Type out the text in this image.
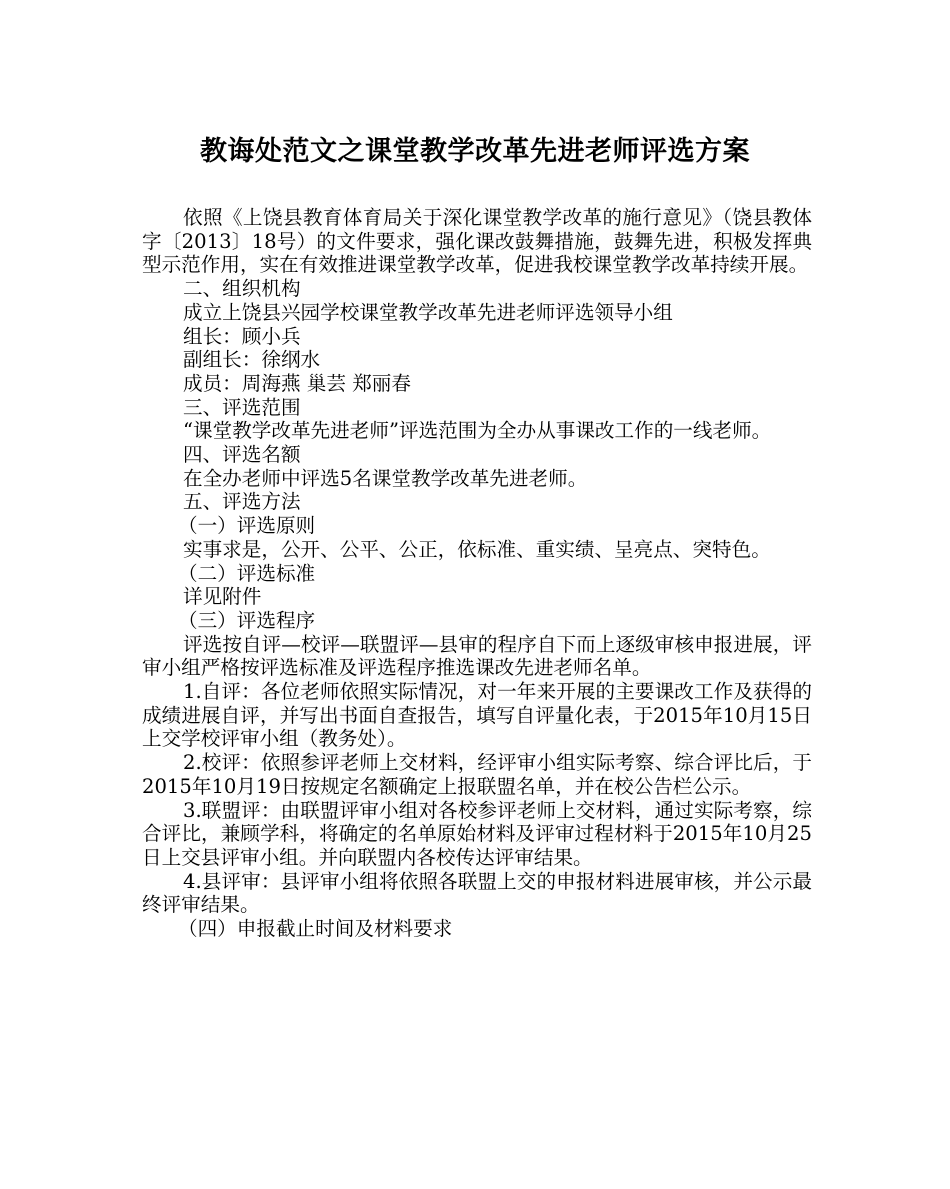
教诲处范文之课堂教学改革先进老师评选方案

依照《上饶县教育体育局关于深化课堂教学改革的施行意见》（饶县教体字〔2013〕18号）的文件要求，强化课改鼓舞措施，鼓舞先进，积极发挥典型示范作用，实在有效推进课堂教学改革，促进我校课堂教学改革持续开展。

二、组织机构

成立上饶县兴园学校课堂教学改革先进老师评选领导小组

组长：顾小兵

副组长：徐纲水

成员：周海燕 巢芸 郑丽春

三、评选范围

“课堂教学改革先进老师”评选范围为全办从事课改工作的一线老师。

四、评选名额

在全办老师中评选5名课堂教学改革先进老师。

五、评选方法

（一）评选原则

实事求是，公开、公平、公正，依标准、重实绩、呈亮点、突特色。

（二）评选标准

详见附件

（三）评选程序

评选按自评—校评—联盟评—县审的程序自下而上逐级审核申报进展，评审小组严格按评选标准及评选程序推选课改先进老师名单。

1.自评：各位老师依照实际情况，对一年来开展的主要课改工作及获得的成绩进展自评，并写出书面自查报告，填写自评量化表，于2015年10月15日上交学校评审小组（教务处）。

2.校评：依照参评老师上交材料，经评审小组实际考察、综合评比后，于2015年10月19日按规定名额确定上报联盟名单，并在校公告栏公示。

3.联盟评：由联盟评审小组对各校参评老师上交材料，通过实际考察，综合评比，兼顾学科，将确定的名单原始材料及评审过程材料于2015年10月25日上交县评审小组。并向联盟内各校传达评审结果。

4.县评审：县评审小组将依照各联盟上交的申报材料进展审核，并公示最终评审结果。

（四）申报截止时间及材料要求
